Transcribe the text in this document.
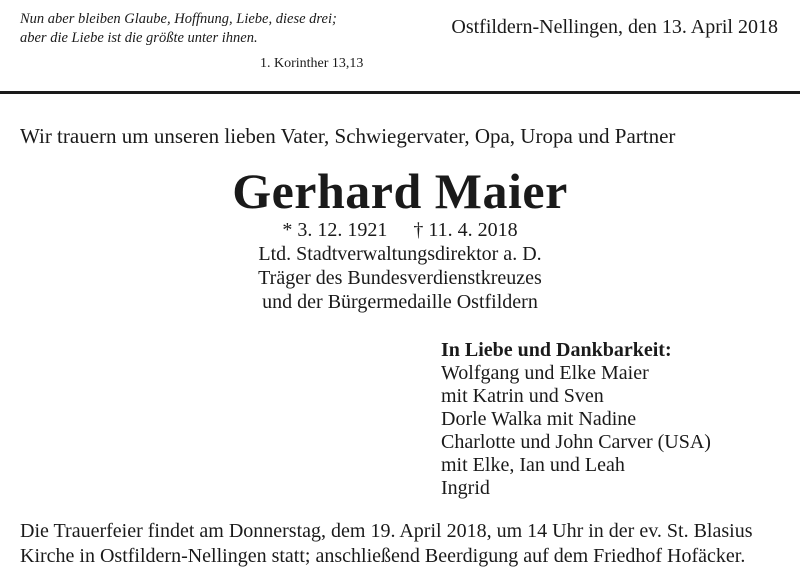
Nun aber bleiben Glaube, Hoffnung, Liebe, diese drei;
aber die Liebe ist die größte unter ihnen.
1. Korinther 13,13
Ostfildern-Nellingen, den 13. April 2018
Wir trauern um unseren lieben Vater, Schwiegervater, Opa, Uropa und Partner
Gerhard Maier
* 3. 12. 1921 † 11. 4. 2018
Ltd. Stadtverwaltungsdirektor a. D.
Träger des Bundesverdienstkreuzes
und der Bürgermedaille Ostfildern
In Liebe und Dankbarkeit:
Wolfgang und Elke Maier
mit Katrin und Sven
Dorle Walka mit Nadine
Charlotte und John Carver (USA)
mit Elke, Ian und Leah
Ingrid
Die Trauerfeier findet am Donnerstag, dem 19. April 2018, um 14 Uhr in der ev. St. Blasius
Kirche in Ostfildern-Nellingen statt; anschließend Beerdigung auf dem Friedhof Hofäcker.
